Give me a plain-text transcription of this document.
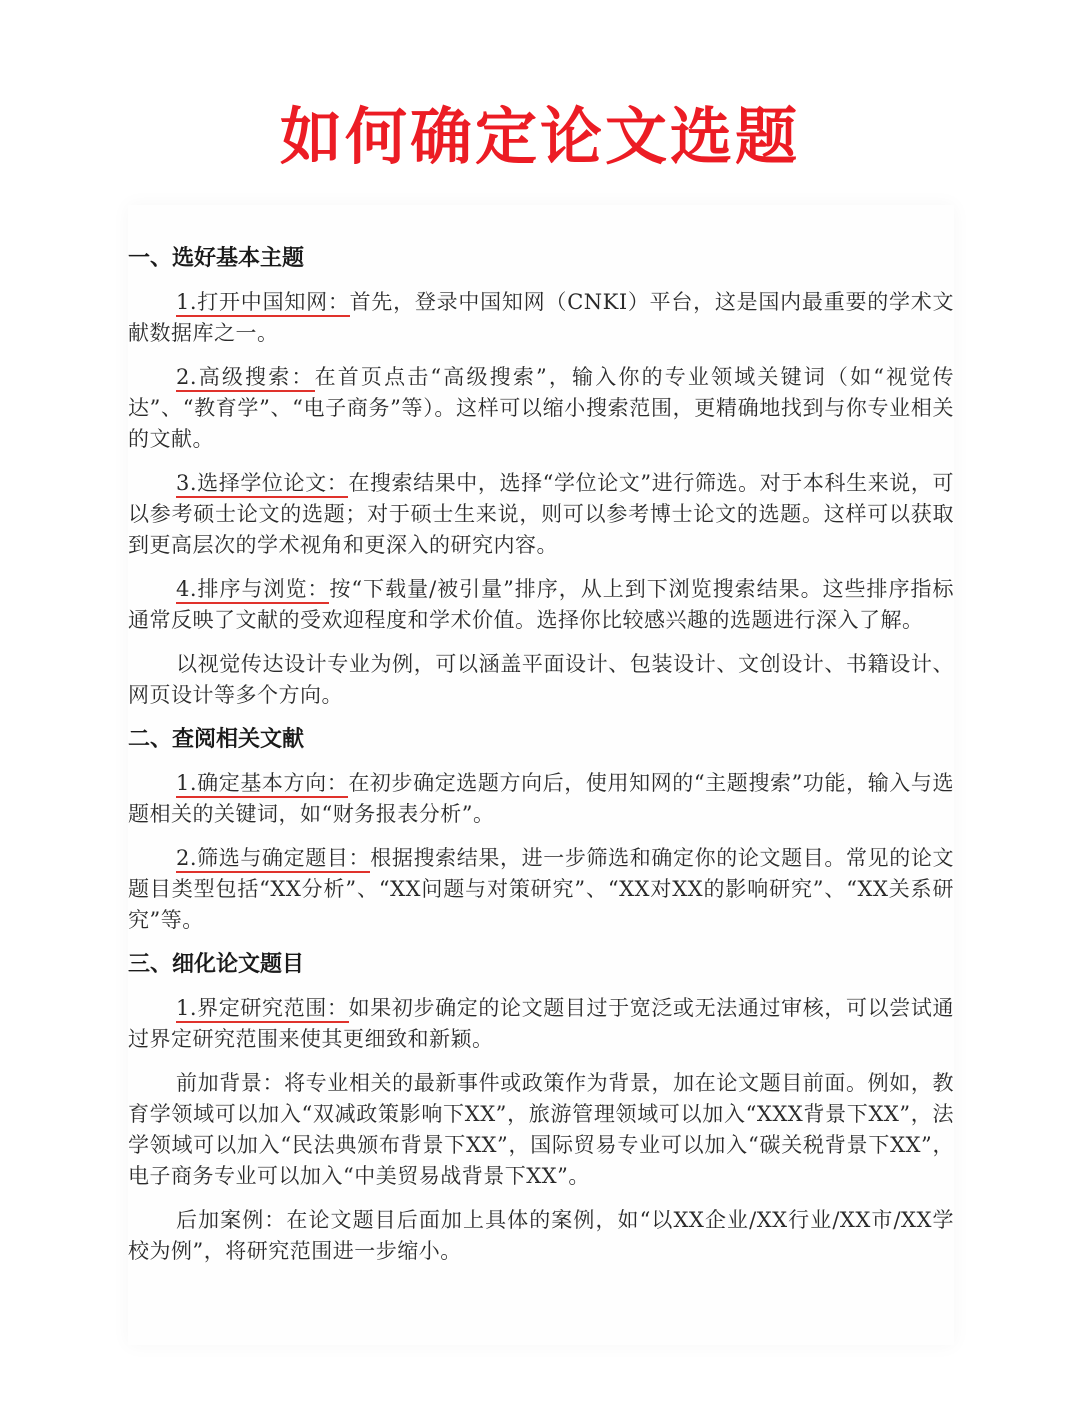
如何确定论文选题
一、选好基本主题

1.打开中国知网：首先，登录中国知网（CNKI）平台，这是国内最重要的学术文献数据库之一。

2.高级搜索：在首页点击“高级搜索”，输入你的专业领域关键词（如“视觉传达”、“教育学”、“电子商务”等）。这样可以缩小搜索范围，更精确地找到与你专业相关的文献。

3.选择学位论文：在搜索结果中，选择“学位论文”进行筛选。对于本科生来说，可以参考硕士论文的选题；对于硕士生来说，则可以参考博士论文的选题。这样可以获取到更高层次的学术视角和更深入的研究内容。

4.排序与浏览：按“下载量/被引量”排序，从上到下浏览搜索结果。这些排序指标通常反映了文献的受欢迎程度和学术价值。选择你比较感兴趣的选题进行深入了解。

以视觉传达设计专业为例，可以涵盖平面设计、包装设计、文创设计、书籍设计、网页设计等多个方向。

二、查阅相关文献

1.确定基本方向：在初步确定选题方向后，使用知网的“主题搜索”功能，输入与选题相关的关键词，如“财务报表分析”。

2.筛选与确定题目：根据搜索结果，进一步筛选和确定你的论文题目。常见的论文题目类型包括“XX分析”、“XX问题与对策研究”、“XX对XX的影响研究”、“XX关系研究”等。

三、细化论文题目

1.界定研究范围：如果初步确定的论文题目过于宽泛或无法通过审核，可以尝试通过界定研究范围来使其更细致和新颖。

前加背景：将专业相关的最新事件或政策作为背景，加在论文题目前面。例如，教育学领域可以加入“双减政策影响下XX”，旅游管理领域可以加入“XXX背景下XX”，法学领域可以加入“民法典颁布背景下XX”，国际贸易专业可以加入“碳关税背景下XX”，电子商务专业可以加入“中美贸易战背景下XX”。

后加案例：在论文题目后面加上具体的案例，如“以XX企业/XX行业/XX市/XX学校为例”，将研究范围进一步缩小。
